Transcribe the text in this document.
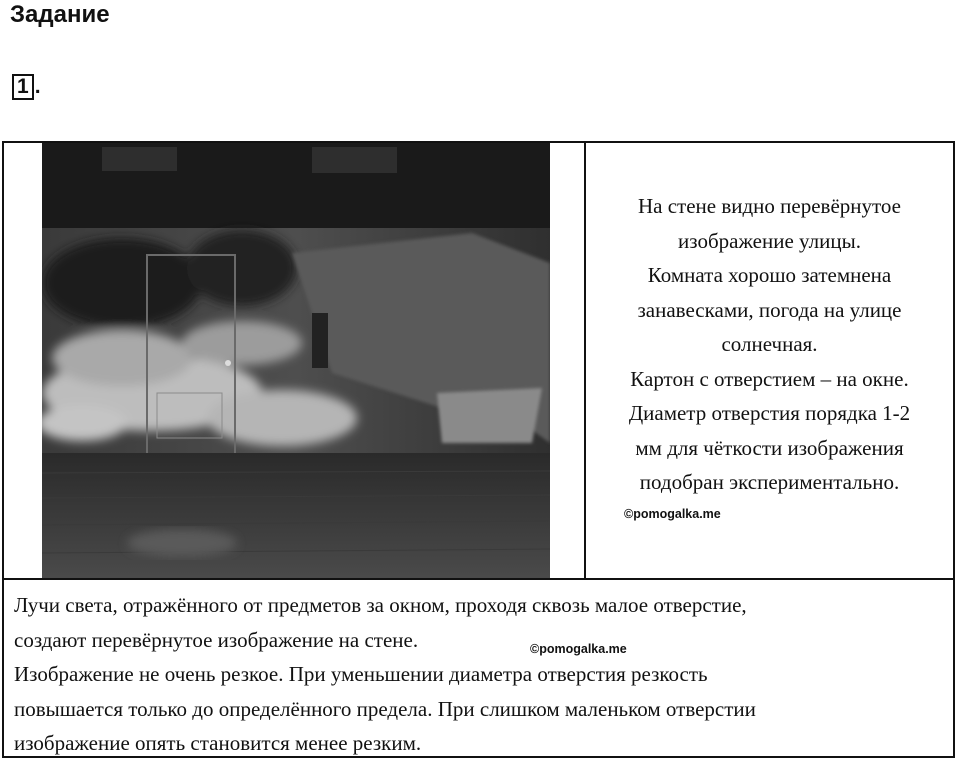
Задание
1 .
На стене видно перевёрнутое
изображение улицы.
Комната хорошо затемнена
занавесками, погода на улице
солнечная.
Картон с отверстием – на окне.
Диаметр отверстия порядка 1-2
мм для чёткости изображения
подобран экспериментально.
©pomogalka.me
Лучи света, отражённого от предметов за окном, проходя сквозь малое отверстие,
создают перевёрнутое изображение на стене.
Изображение не очень резкое. При уменьшении диаметра отверстия резкость
повышается только до определённого предела. При слишком маленьком отверстии
изображение опять становится менее резким.
©pomogalka.me
